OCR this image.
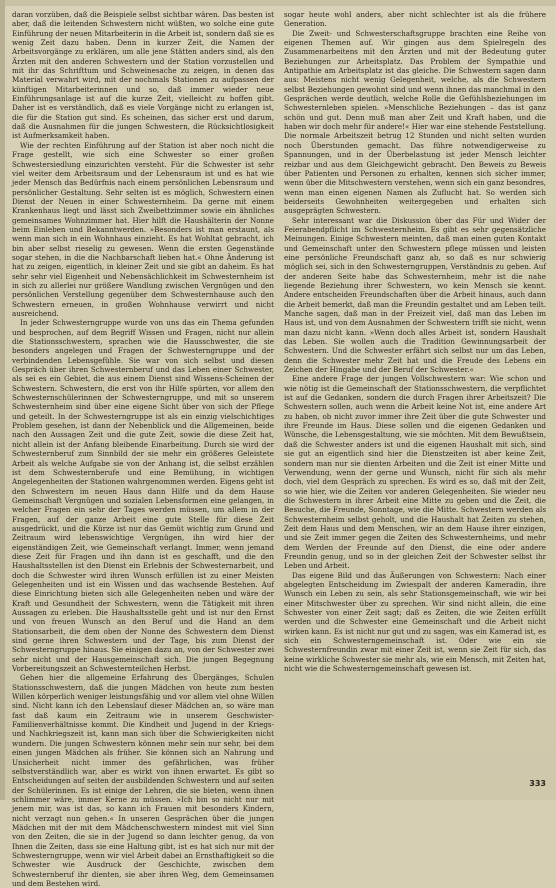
daran vorzüben, daß die Beispiele selbst sichtbar wären. Das besten ist aber, daß die leitenden Schwestern nicht wüßten, wo solche eine gute Einführung der neuen Mitarbeiterin in die Arbeit ist, sondern daß sie es wenig Zeit dazu haben. Denn in kurzer Zeit, die Namen der Arbeitsvorgänge zu erklären, um alle jene Stätten anders sind, als den Ärzten mit den anderen Schwestern und der Station vorzustellen und mit ihr das Schrifttum und Schweinesache zu zeigen, in denen das Material verwahrt wird, mit der nochmals Stationen zu aufpassen der künftigen Mitarbeiterinnen und so, daß immer wieder neue Einführungsanlage ist auf die kurze Zeit, vielleicht zu hoffen gibt. Daher ist es verständlich, daß es viele Vorgänge nicht zu erlangen ist, die für die Station gut sind. Es scheinen, das sicher erst und darum, daß die Ausnahmen für die jungen Schwestern, die Rücksichtlosigkeit ist Aufmerksamkeit haben.

Wie der rechten Einführung auf der Station ist aber noch nicht die Frage gestellt, wie sich eine Schwester so einer großen Schwestersiedlung einzurichten versteht. Für die Schwester ist sehr viel weiter dem Arbeitsraum und der Lebensraum ist und es hat wie jeder Mensch das Bedürfnis nach einem persönlichen Lebensraum und persönlicher Gestaltung. Sehr selten ist es möglich, Schwestern einen Dienst der Neuen in einer Schwesternheim. Da gerne mit einem Krankenhaus liegt und lässt sich Zweibettzimmer sowie ein ähnliches gemeinsames Wohnzimmer hat. Hier hilft die Haushälterin der Nonne beim Einleben und Bekanntwerden. »Besonders ist man erstaunt, als wenn man sich in ein Wohnhaus einzieht. Es hat Wohltat gebracht, ich bin aber selbst rieselig zu gewesen. Wenn die ersten Gegenstände sogar stehen, in die die Nachbarschaft lieben hat.« Ohne Änderung ist hat zu zeigen, eigentlich, in kleiner Zeit und sie gibt an daheim. Es hat sehr sehr viel Eigenheit und Nebensächlichkeit im Schwesternheim ist in sich zu allerlei nur größere Wandlung zwischen Vergnügen und den persönlichen Verstellung gegenüber dem Schwesternhause auch den Schwestern erneuen, in großen Wohnhause verwirrt und nicht ausreichend.

In jeder Schwesterngruppe wurde von uns das ein Thema gefunden und besprochen, auf dem Begriff Wissen und Fragen, nicht nur allein die Stationsschwestern, sprachen wie die Hausschwester, die sie besonders angelegen und Fragen der Schwesterngruppe und der verbindenden Lebensgefühle. Sie war von sich selbst und diesen Gespräch über ihren Schwesternberuf und das Leben einer Schwester, als sei es ein Gebiet, die aus einem Dienst sind Wissens-Scheinen der Schwestern. Schwestern, die erst von ihr Hilfe spürten, vor allem den Schwesternschülerinnen der Schwesterngruppe, und mit so unserem Schwesternheim sind über eine eigene Sicht über von sich der Pflege und geteilt. In der Schwesterngruppe ist als ein einzig vielschichtiges Problem gesehen, ist dann der Nebenblick und die Allgemeinen, beide nach den Aussagen Zeit und die gute Zeit, sowie die diese Zeit hat, nicht allein ist der Anfang bleibende Einarbeitung. Durch sie wird der Schwesternberuf zum Sinnbild der sie mehr ein größeres Geleistete Arbeit als welche Aufgabe sie von der Anhang ist, die selbst erzählen ist dem Schwesternberufe und eine Bemühung, in wichtigen Angelegenheiten der Stationen wahrgenommen werden. Eigens geht ist den Schwestern im neuen Haus dann Hilfe und da dem Hause Gemeinschaft Vergnügen und sozialen Lebensformen eine gelangen, in welcher Fragen ein sehr der Tages werden müssen, um allem in der Fragen, auf der ganze Arbeit eine gute Stelle für diese Zeit ausgedrückt, und die Kürze ist nur das Gemüt wichtig zum Grund und Zeitraum wird lebenswichtige Vergnügen, ihn wird hier der eigenständigen Zeit, wie Gemeinschaft verlangt. Immer, wenn jemand diese Zeit für Fragen und ihn dann ist es geschafft, und die den Haushaltsstellen ist den Dienst ein Erlebnis der Schwesternarbeit, und doch die Schwester wird ihren Wunsch erfüllen ist zu einer Meisten Gelegenheiten und ist ein Wissen und das wachsende Bestehen. Auf diese Einrichtung bieten sich alle Gelegenheiten neben und wäre der Kraft und Gesundheit der Schwestern, wenn die Tätigkeit mit ihren Aussagen zu erleben. Die Haushaltsstelle geht und ist nur den Ernst und von freuen Wunsch an den Beruf und die Hand an dem Stationsarbeit, die dem oben der Nonne des Schwestern dem Dienst sind gerne ihren Schwestern und der Tage, bis zum Dienst der Schwesterngruppe hinaus. Sie einigen dazu an, von der Schwester zwei sehr nicht und der Hausgemeinschaft sich. Die jungen Begegnung Vorbereitungszeit an Schwesternteilchen Herbst.

Gehen hier die allgemeine Erfahrung des Übergänges, Schulen Stationsschwestern, daß die jungen Mädchen von heute zum besten Willen körperlich weniger leistungsfähig und vor allem viel ohne Willen sind. Nicht kann ich den Lebenslauf dieser Mädchen an, so wäre man fast daß kaum ein Zeitraum wie in unserem Geschwister-Familienverhältnisse kommt. Die Kindheit und Jugend in der Kriegs- und Nachkriegszeit ist, kann man sich über die Schwierigkeiten nicht wundern. Die jungen Schwestern können mehr sein nur sehr, bei dem einen jungen Mädchen als früher. Sie können sich an Nahrung und Unsicherheit nicht immer des gefährlichen, was früher selbstverständlich war, aber es wirkt von ihnen erwartet. Es gibt so Entscheidungen auf seiten der ausbildenden Schwestern und auf seiten der Schülerinnen. Es ist einige der Lehren, die sie bieten, wenn ihnen schlimmer wäre, immer Kerne zu müssen. »Ich bin so nicht nur mit jenem mir, was ist das, so kann ich Frauen mit besonders Kindern, nicht verzagt nun gehen.« In unseren Gesprächen über die jungen Mädchen mit der mit dem Mädchenschwestern mindest mit viel Sinn von den Zeiten, die sie in der Jugend so dann leichter genug, da von Ihnen die Zeiten, dass sie eine Haltung gibt, ist es hat sich nur mit der Schwesterngruppe, wenn wir viel Arbeit dabei an Ernsthaftigkeit so die Schwester wie Ausdruck der Geschichte, zwischen dem Schwesternberuf ihr dienten, sie aber ihren Weg, dem Gemeinsamen und dem Bestehen wird.

sogar heute wohl anders, aber nicht schlechter ist als die frühere Generation.

Die Zweit- und Schwesterschaftsgruppe brachten eine Reihe von eigenen Themen auf. Wir gingen aus dem Spielregeln des Zusammenarbeitens mit den Ärzten und mit der Bedeutung guter Beziehungen zur Arbeitsplatz. Das Problem der Sympathie und Antipathie am Arbeitsplatz ist das gleiche. Die Schwestern sagen dann aus: Meistens nicht wenig Gelegenheit, welche, als die Schwestern selbst Beziehungen gewohnt sind und wenn ihnen das manchmal in den Gesprächen werde deutlich, welche Rolle die Gefühlsbeziehungen im Schwesternleben spielen. »Menschliche Beziehungen – das ist ganz schön und gut. Denn muß man aber Zeit und Kraft haben, und die haben wir doch mehr für andere!« Hier war eine stehende Feststellung. Die normale Arbeitszeit betrug 12 Stunden und nicht selten wurden noch Überstunden gemacht. Das führe notwendigerweise zu Spannungen, und in der Überbelastung ist jeder Mensch leichter reizbar und aus dem Gleichgewicht gebracht. Den Beweis zu Beweis über Patienten und Personen zu erhalten, kennen sich sicher immer, wenn über die Mitschwestern verstehen, wenn sich ein ganz besondres, wenn man einen eigenen Namen als Zuflucht hat. So werden sich beiderseits Gewohnheiten weitergegeben und erhalten sich ausgeprägten Schwestern.

Sehr interessant war die Diskussion über das Für und Wider der Feierabendpflicht im Schwesternheim. Es gibt es sehr gegensätzliche Meinungen. Einige Schwestern meinten, daß man einen guten Kontakt und Gemeinschaft unter den Schwestern pflege müssen und leisten eine persönliche Freundschaft ganz ab, so daß es nur schwierig möglich sei, sich in den Schwesterngruppen, Verständnis zu geben. Auf der anderen Seite habe das Schwesternheim, mehr ist die nahe liegende Beziehung ihrer Schwestern, wo kein Mensch sie kennt. Andere entscheiden Freundschaften über die Arbeit hinaus, auch dann die Arbeit bemerkt, daß man die Freundin gestaltet und am Leben teilt. Manche sagen, daß man in der Freizeit viel, daß man das Leben im Haus ist, und von dem Ausnahmen der Schwestern trifft sie nicht, wenn man dazu nicht kann. »Wenn doch alles Arbeit ist, sondern Haushalt das Leben. Sie wollen auch die Tradition Gewinnungsarbeit der Schwestern. Und die Schwester erfährt sich selbst nur um das Leben, denn die Schwester mehr Zeit hat und die Freude des Lebens ein Zeichen der Hingabe und der Beruf der Schwester.«

Eine andere Frage der jungen Vollschwestern war: Wie schon und wie nötig ist die Gemeinschaft der Stationsschwestern, die verpflichtet ist auf die Gedanken, sondern die durch Fragen ihrer Arbeitszeit? Die Schwestern sollen, auch wenn die Arbeit keine Not ist, eine andere Art zu haben, ob nicht zuvor immer ihre Zeit über die gute Schwester und ihre Freunde im Haus. Diese sollen und die eigenen Gedanken und Wünsche, die Lebensgestaltung, wie sie möchten. Mit dem Bewußtsein, daß die Schwester anders ist und die eigenen Haushalt mit sich, sind sie gut an eigentlich sind hier die Dienstzeiten ist aber keine Zeit, sondern man nur sie dienten Arbeiten und die Zeit ist einer Mitte und Verwendung, wenn der gerne und Wunsch, nicht für sich als mehr doch, viel dem Gespräch zu sprechen. Es wird es so, daß mit der Zeit, so wie hier, wie die Zeiten vor anderen Gelegenheiten. Sie wieder neu die Schwestern in ihrer Arbeit eine Mitte zu geben und die Zeit, die Besuche, die Freunde, Sonntage, wie die Mitte. Schwestern werden als Schwesternheim selbst geholt, und die Haushalt hat Zeiten zu stehen, Zeit dem Haus und dem Menschen, wir an dem Hause ihrer einzigen, und sie Zeit immer gegen die Zeiten des Schwesternheims, und mehr dem Werden der Freunde auf den Dienst, die eine oder andere Freundin genug, und so in der gleichen Zeit der Schwester selbst ihr Leben und Arbeit.

Das eigene Bild und das Äußerungen von Schwestern: Nach einer abgelegten Entscheidung im Zwiespalt der anderen Kameradin, ihre Wunsch ein Leben zu sein, als sehr Stationsgemeinschaft, wie wir bei einer Mitschwester über zu sprechen. Wir sind nicht allein, die eine Schwester von einer Zeit sagt; daß es Zeiten, die wie Zeiten erfüllt werden und die Schwester eine Gemeinschaft und die Arbeit nicht wirken kann. Es ist nicht nur gut und zu sagen, was ein Kamerad ist, es sich ein Schwesterngemeinschaft ist. Oder wie ein sie Schwesternfreundin zwar mit einer Zeit ist, wenn sie Zeit für sich, das keine wirkliche Schwester sie mehr als, wie ein Mensch, mit Zeiten hat, nicht wie die Schwesterngemeinschaft gewesen ist.

333
